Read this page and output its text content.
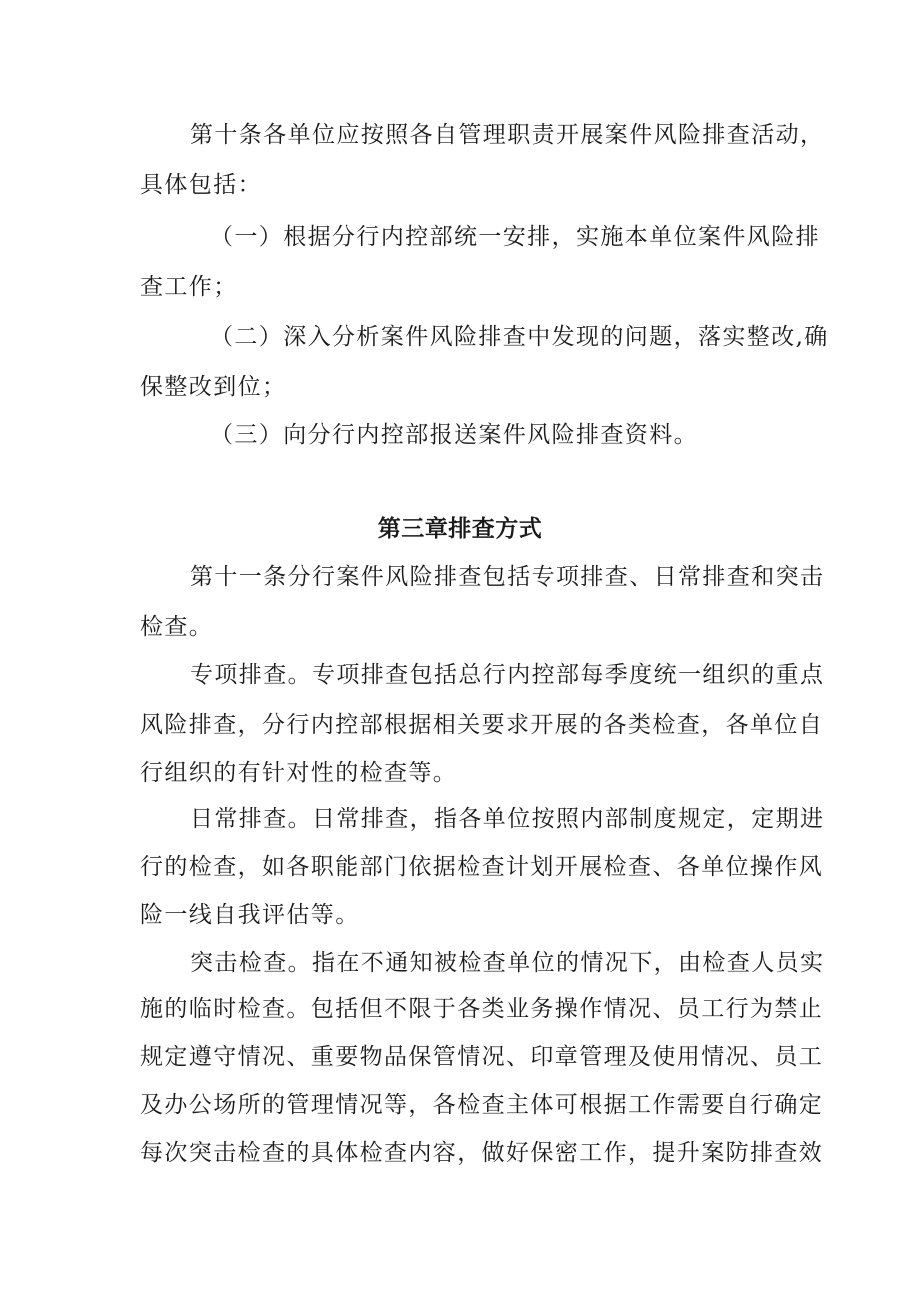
第十条各单位应按照各自管理职责开展案件风险排查活动，
具体包括：
（一）根据分行内控部统一安排，实施本单位案件风险排
查工作；
（二）深入分析案件风险排查中发现的问题，落实整改,确
保整改到位；
（三）向分行内控部报送案件风险排查资料。
第三章排查方式
第十一条分行案件风险排查包括专项排查、日常排查和突击
检查。
专项排查。专项排查包括总行内控部每季度统一组织的重点
风险排查，分行内控部根据相关要求开展的各类检查，各单位自
行组织的有针对性的检查等。
日常排查。日常排查，指各单位按照内部制度规定，定期进
行的检查，如各职能部门依据检查计划开展检查、各单位操作风
险一线自我评估等。
突击检查。指在不通知被检查单位的情况下，由检查人员实
施的临时检查。包括但不限于各类业务操作情况、员工行为禁止
规定遵守情况、重要物品保管情况、印章管理及使用情况、员工
及办公场所的管理情况等，各检查主体可根据工作需要自行确定
每次突击检查的具体检查内容，做好保密工作，提升案防排查效
